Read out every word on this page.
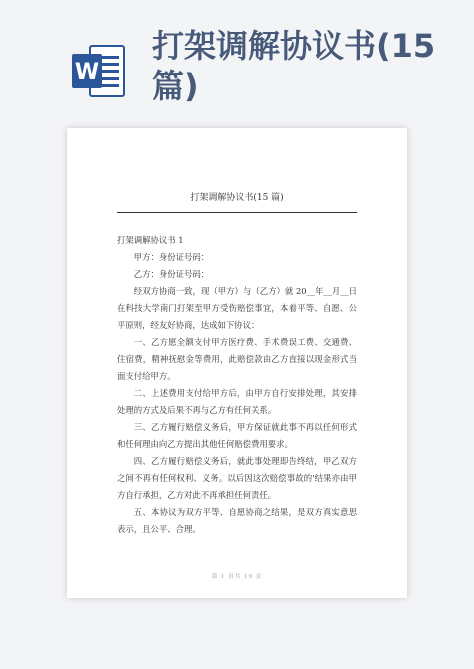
W
打架调解协议书(15篇)
打架调解协议书(15 篇)

打架调解协议书 1

甲方：身份证号码：

乙方：身份证号码：

经双方协商一致，现（甲方）与（乙方）就 20__年__月__日在科技大学南门打架至甲方受伤赔偿事宜，本着平等、自愿、公平原则，经友好协商，达成如下协议：

一、乙方愿全额支付甲方医疗费、手术费误工费、交通费、住宿费，精神抚慰金等费用，此赔偿款由乙方直接以现金形式当面支付给甲方。

二、上述费用支付给甲方后，由甲方自行安排处理，其安排处理的方式及后果不再与乙方有任何关系。

三、乙方履行赔偿义务后，甲方保证就此事不再以任何形式和任何理由向乙方提出其他任何赔偿费用要求。

四、乙方履行赔偿义务后，就此事处理即告终结，甲乙双方之间不再有任何权利、义务。以后因这次赔偿事故的'结果亦由甲方自行承担，乙方对此不再承担任何责任。

五、本协议为双方平等、自愿协商之结果，是双方真实意思表示，且公平、合理。

第 1 页共 19 页
